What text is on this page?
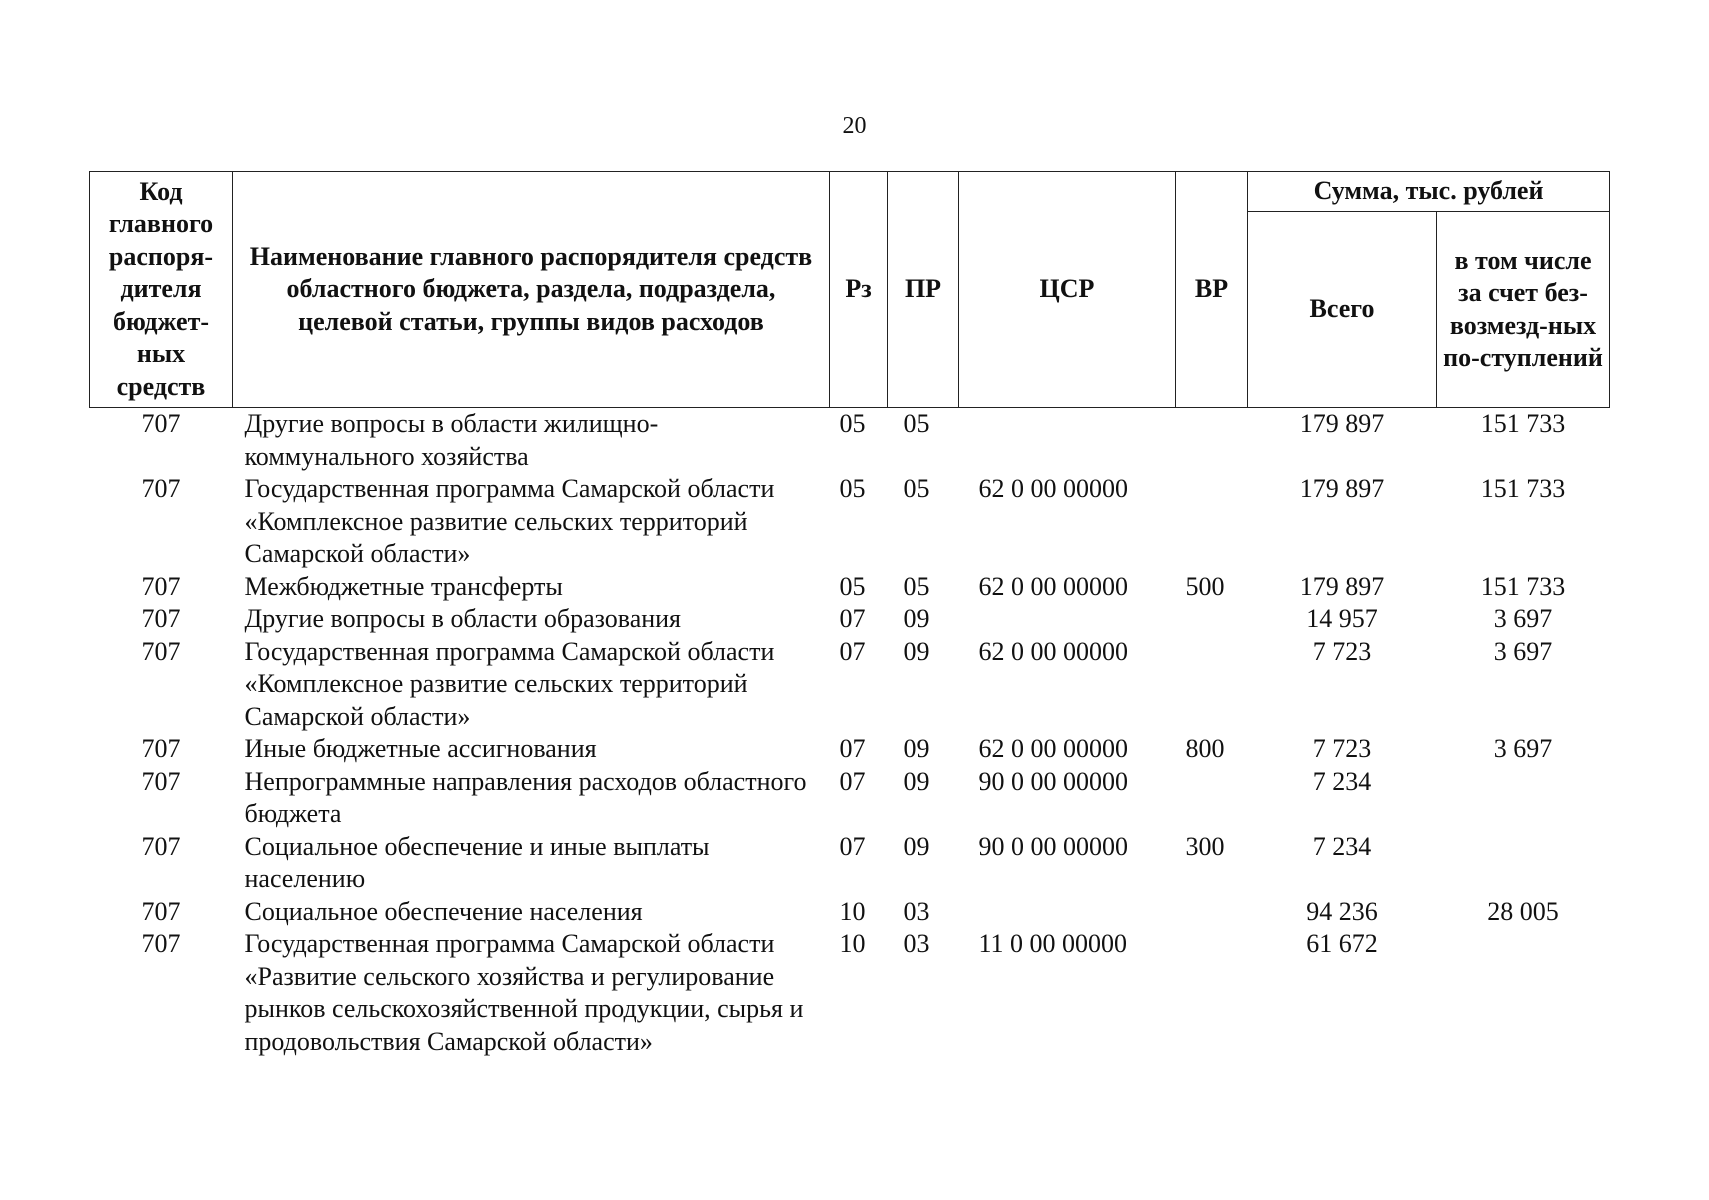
20
Код главного распоря-дителя бюджет-ных средств	Наименование главного распорядителя средств областного бюджета, раздела, подраздела, целевой статьи, группы видов расходов	Рз	ПР	ЦСР	ВР	Сумма, тыс. рублей	
						Всего	в том числе за счет без-возмезд-ных по-ступлений
707	Другие вопросы в области жилищно-коммунального хозяйства	05	05			179 897	151 733
707	Государственная программа Самарской области «Комплексное развитие сельских территорий Самарской области»	05	05	62 0 00 00000		179 897	151 733
707	Межбюджетные трансферты	05	05	62 0 00 00000	500	179 897	151 733
707	Другие вопросы в области образования	07	09			14 957	3 697
707	Государственная программа Самарской области «Комплексное развитие сельских территорий Самарской области»	07	09	62 0 00 00000		7 723	3 697
707	Иные бюджетные ассигнования	07	09	62 0 00 00000	800	7 723	3 697
707	Непрограммные направления расходов областного бюджета	07	09	90 0 00 00000		7 234	
707	Социальное обеспечение и иные выплаты населению	07	09	90 0 00 00000	300	7 234	
707	Социальное обеспечение населения	10	03			94 236	28 005
707	Государственная программа Самарской области «Развитие сельского хозяйства и регулирование рынков сельскохозяйственной продукции, сырья и продовольствия Самарской области»	10	03	11 0 00 00000		61 672	
